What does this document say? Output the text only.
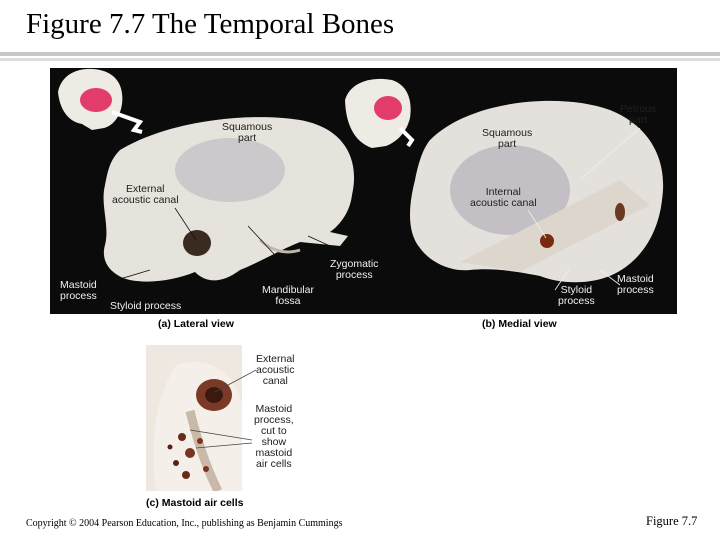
Figure 7.7 The Temporal Bones
Squamous
part
External
acoustic canal
Mastoid
process
Styloid process
Mandibular
fossa
Zygomatic
process
Squamous
part
Petrous
part
Internal
acoustic canal
Styloid
process
Mastoid
process
(a) Lateral view	(b) Medial view
External
acoustic
canal
Mastoid
process,
cut to
show
mastoid
air cells
(c) Mastoid air cells
Copyright © 2004 Pearson Education, Inc., publishing as Benjamin Cummings	Figure 7.7
